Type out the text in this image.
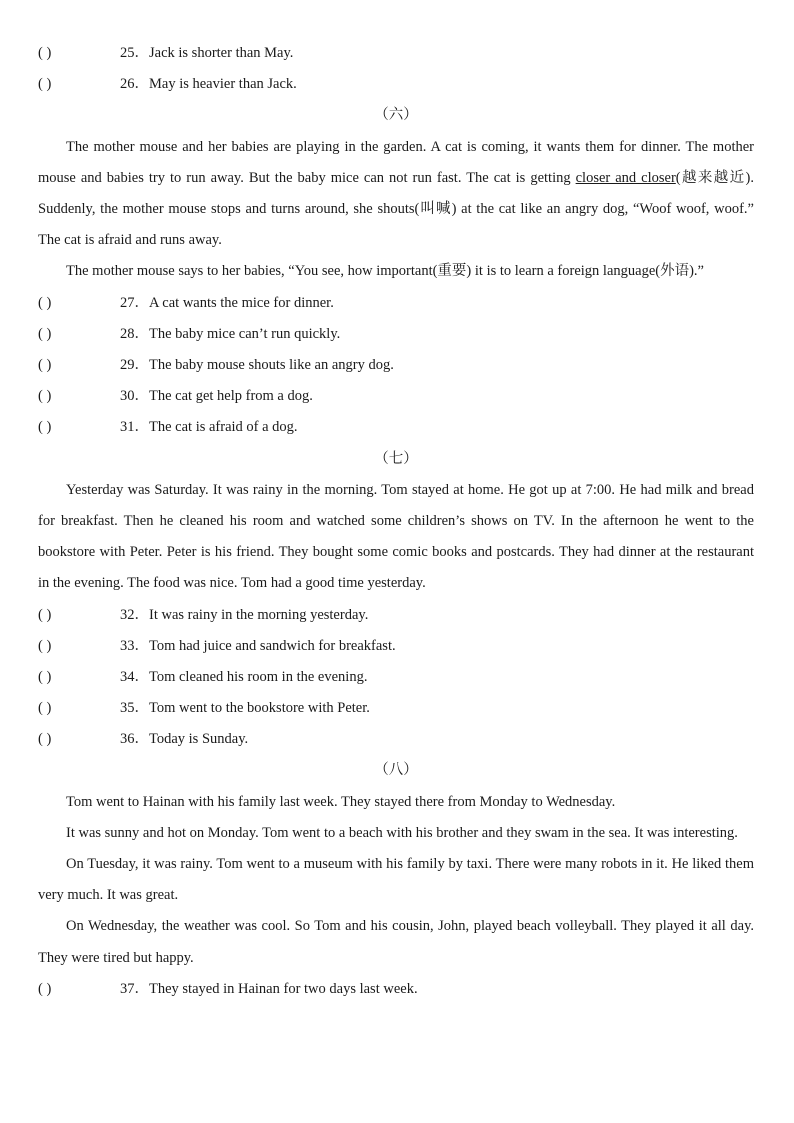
( )	25． Jack is shorter than May.
( )	26． May is heavier than Jack.
（六）

The mother mouse and her babies are playing in the garden. A cat is coming, it wants them for dinner. The mother mouse and babies try to run away. But the baby mice can not run fast. The cat is getting closer and closer(越来越近). Suddenly, the mother mouse stops and turns around, she shouts(叫喊) at the cat like an angry dog, “Woof woof, woof.” The cat is afraid and runs away.

The mother mouse says to her babies, “You see, how important(重要) it is to learn a foreign language(外语).”

( )	27． A cat wants the mice for dinner.
( )	28． The baby mice can’t run quickly.
( )	29． The baby mouse shouts like an angry dog.
( )	30． The cat get help from a dog.
( )	31． The cat is afraid of a dog.
（七）

Yesterday was Saturday. It was rainy in the morning. Tom stayed at home. He got up at 7:00. He had milk and bread for breakfast. Then he cleaned his room and watched some children’s shows on TV. In the afternoon he went to the bookstore with Peter. Peter is his friend. They bought some comic books and postcards. They had dinner at the restaurant in the evening. The food was nice. Tom had a good time yesterday.

( )	32． It was rainy in the morning yesterday.
( )	33． Tom had juice and sandwich for breakfast.
( )	34． Tom cleaned his room in the evening.
( )	35． Tom went to the bookstore with Peter.
( )	36． Today is Sunday.
（八）

Tom went to Hainan with his family last week. They stayed there from Monday to Wednesday.

It was sunny and hot on Monday. Tom went to a beach with his brother and they swam in the sea. It was interesting.

On Tuesday, it was rainy. Tom went to a museum with his family by taxi. There were many robots in it. He liked them very much. It was great.

On Wednesday, the weather was cool. So Tom and his cousin, John, played beach volleyball. They played it all day. They were tired but happy.

( )	37． They stayed in Hainan for two days last week.
